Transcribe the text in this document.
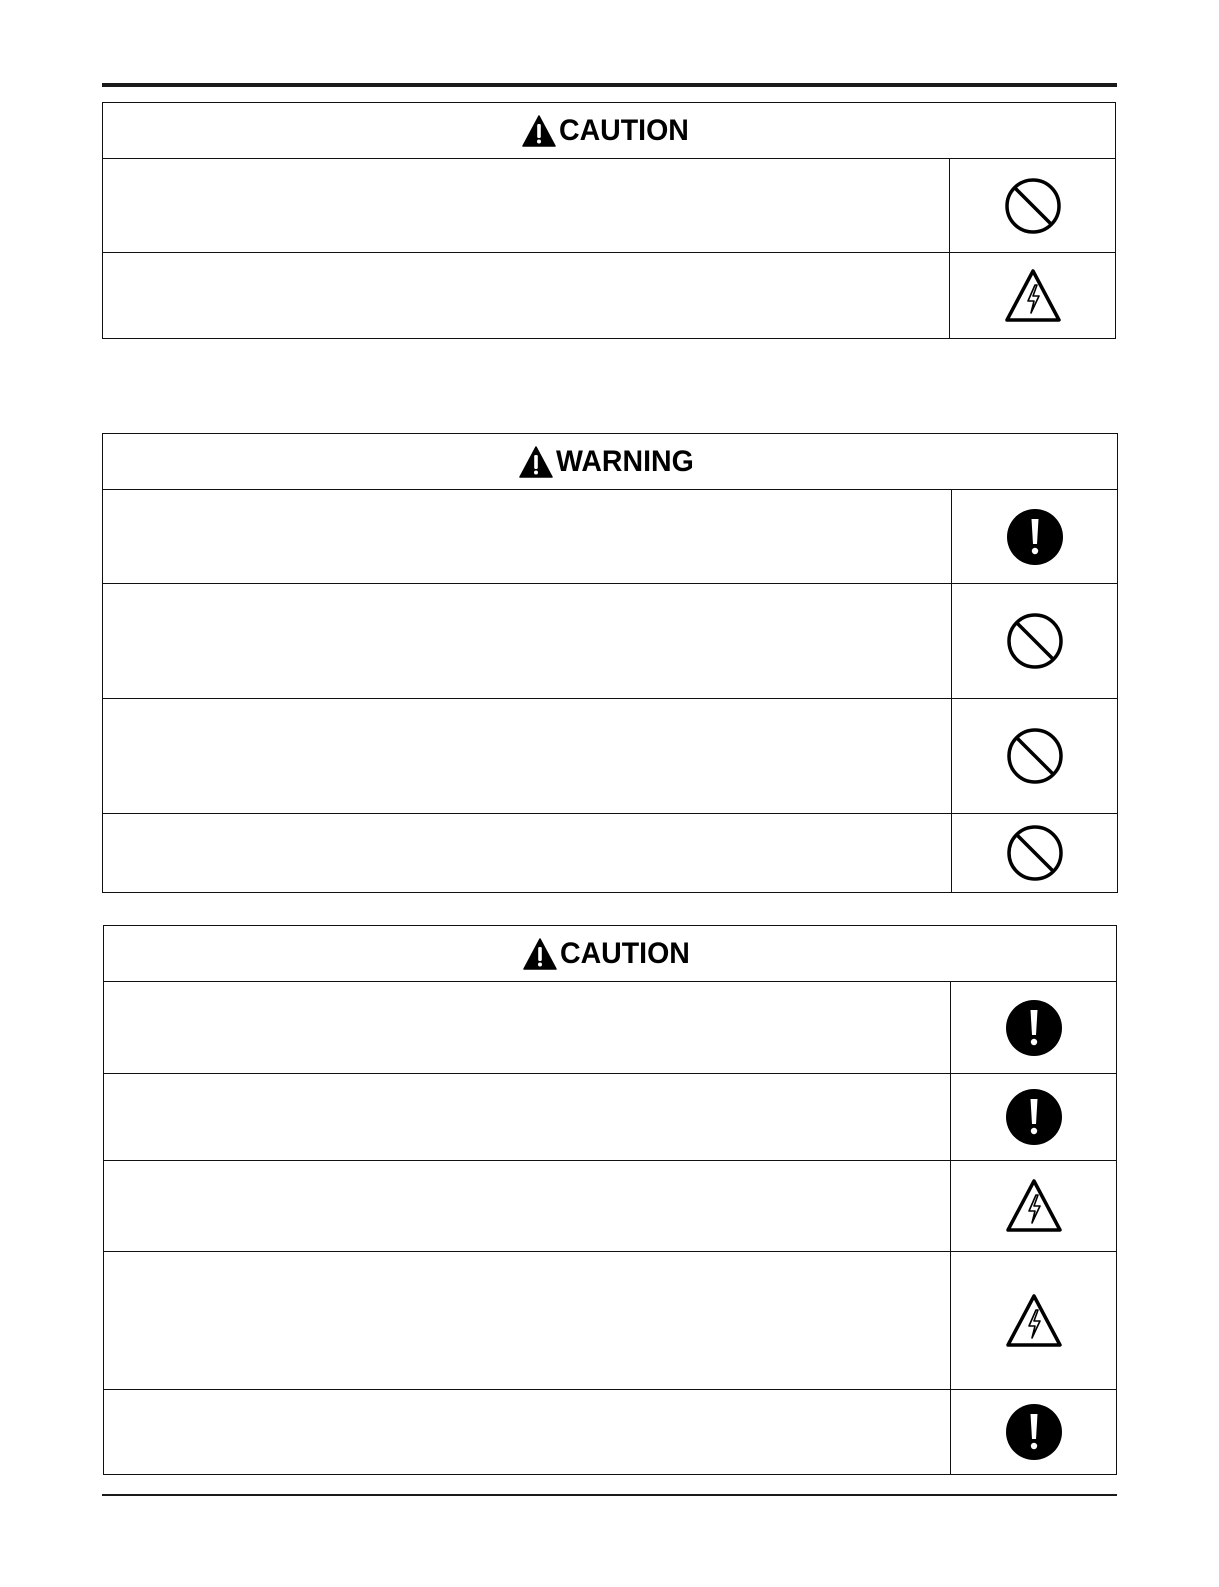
CAUTION
WARNING
CAUTION
